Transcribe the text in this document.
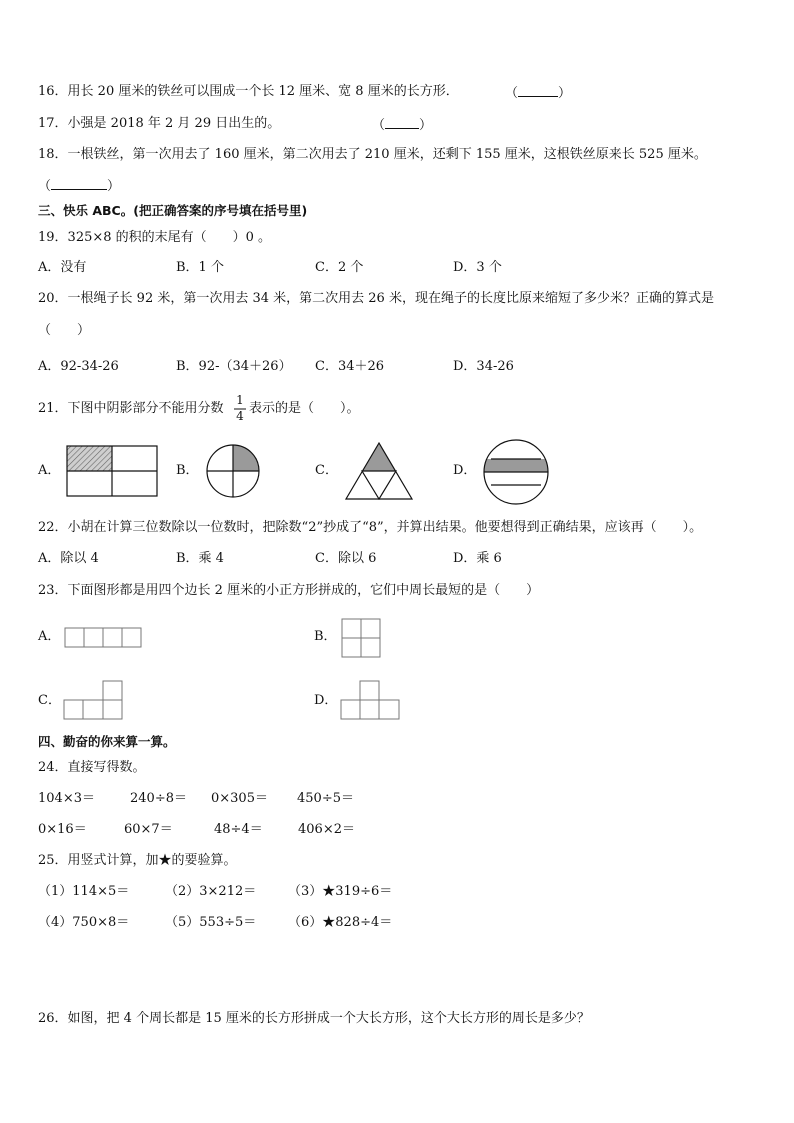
16．用长 20 厘米的铁丝可以围成一个长 12 厘米、宽 8 厘米的长方形．	（	）
17．小强是 2018 年 2 月 29 日出生的。	（	）
18．一根铁丝，第一次用去了 160 厘米，第二次用去了 210 厘米，还剩下 155 厘米，这根铁丝原来长 525 厘米。
（	）
三、快乐 ABC。(把正确答案的序号填在括号里)
19．325×8 的积的末尾有（　　）0 。
A．没有	B．1 个	C．2 个	D．3 个
20．一根绳子长 92 米，第一次用去 34 米，第二次用去 26 米，现在绳子的长度比原来缩短了多少米？正确的算式是
（　　）
A．92-34-26	B．92-（34＋26） C．34＋26	D．34-26
21．下图中阴影部分不能用分数
1
4 表示的是（　　）。
A．	B．	C．	D．
22．小胡在计算三位数除以一位数时，把除数“2”抄成了“8”，并算出结果。他要想得到正确结果，应该再（　　）。
A．除以 4	B．乘 4	C．除以 6	D．乘 6
23．下面图形都是用四个边长 2 厘米的小正方形拼成的，它们中周长最短的是（　　）
A．	B．
C．	D．
四、勤奋的你来算一算。
24．直接写得数。
104×3＝	240÷8＝ 0×305＝ 450÷5＝
0×16＝	60×7＝	48÷4＝	406×2＝
25．用竖式计算，加★的要验算。
（1）114×5＝	（2）3×212＝ （3）★319÷6＝
（4）750×8＝	（5）553÷5＝ （6）★828÷4＝
26．如图，把 4 个周长都是 15 厘米的长方形拼成一个大长方形，这个大长方形的周长是多少？
